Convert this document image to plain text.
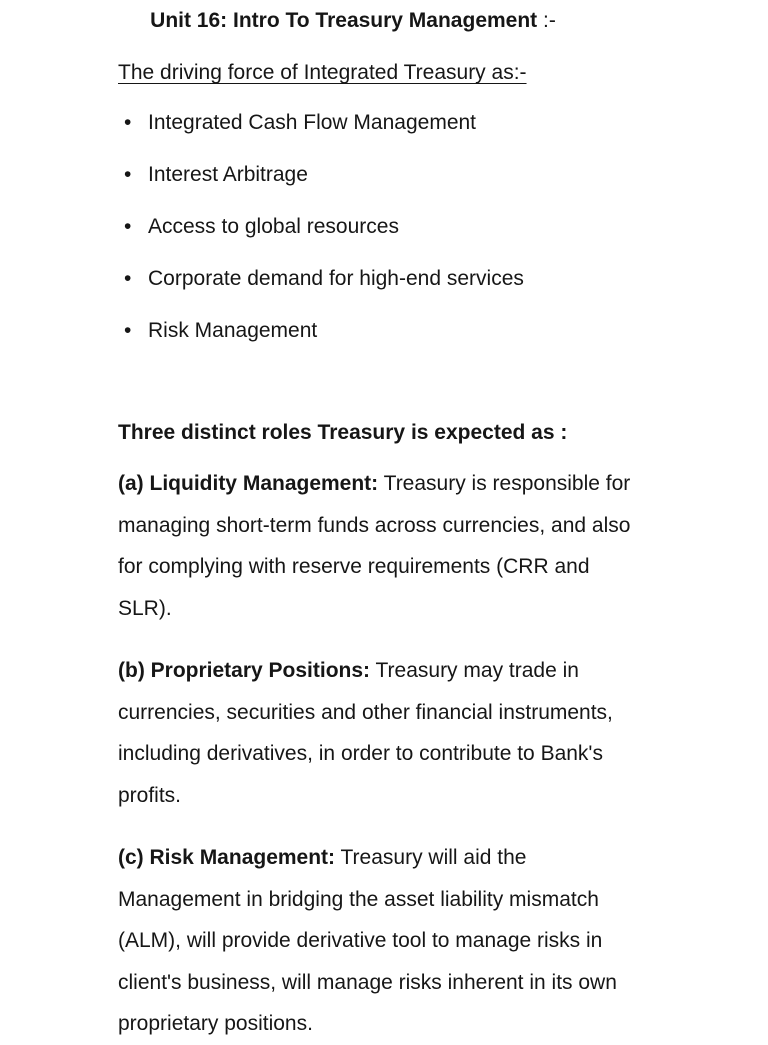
Unit 16: Intro To Treasury Management :-
The driving force of Integrated Treasury as:-
• Integrated Cash Flow Management
• Interest Arbitrage
• Access to global resources
• Corporate demand for high-end services
• Risk Management
Three distinct roles Treasury is expected as :

(a) Liquidity Management: Treasury is responsible for managing short-term funds across currencies, and also for complying with reserve requirements (CRR and SLR).

(b) Proprietary Positions: Treasury may trade in currencies, securities and other financial instruments, including derivatives, in order to contribute to Bank's profits.

(c) Risk Management: Treasury will aid the Management in bridging the asset liability mismatch (ALM), will provide derivative tool to manage risks in client's business, will manage risks inherent in its own proprietary positions.
